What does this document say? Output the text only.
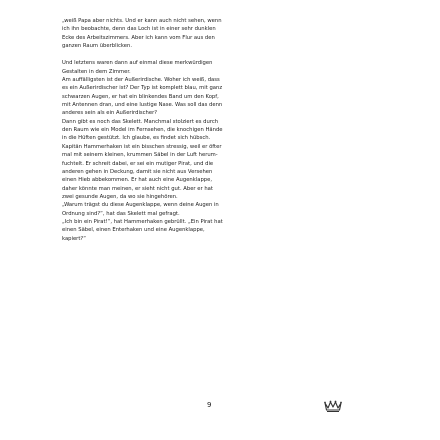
„weiß Papa aber nichts. Und er kann auch nicht sehen, wenn
ich ihn beobachte, denn das Loch ist in einer sehr dunklen
Ecke des Arbeitszimmers. Aber ich kann vom Flur aus den
ganzen Raum überblicken.
Und letztens waren dann auf einmal diese merkwürdigen
Gestalten in dem Zimmer.
Am auffälligsten ist der Außerirdische. Woher ich weiß, dass
es ein Außerirdischer ist? Der Typ ist komplett blau, mit ganz
schwarzen Augen, er hat ein blinkendes Band um den Kopf,
mit Antennen dran, und eine lustige Nase. Was soll das denn
anderes sein als ein Außerirdischer?
Dann gibt es noch das Skelett. Manchmal stolziert es durch
den Raum wie ein Model im Fernsehen, die knochigen Hände
in die Hüften gestützt. Ich glaube, es findet sich hübsch.
Kapitän Hammerhaken ist ein bisschen stressig, weil er öfter
mal mit seinem kleinen, krummen Säbel in der Luft herum-
fuchtelt. Er schreit dabei, er sei ein mutiger Pirat, und die
anderen gehen in Deckung, damit sie nicht aus Versehen
einen Hieb abbekommen. Er hat auch eine Augenklappe,
daher könnte man meinen, er sieht nicht gut. Aber er hat
zwei gesunde Augen, da wo sie hingehören.
„Warum trägst du diese Augenklappe, wenn deine Augen in
Ordnung sind?“, hat das Skelett mal gefragt.
„Ich bin ein Pirat!“, hat Hammerhaken gebrüllt. „Ein Pirat hat
einen Säbel, einen Enterhaken und eine Augenklappe,
kapiert?“
9
